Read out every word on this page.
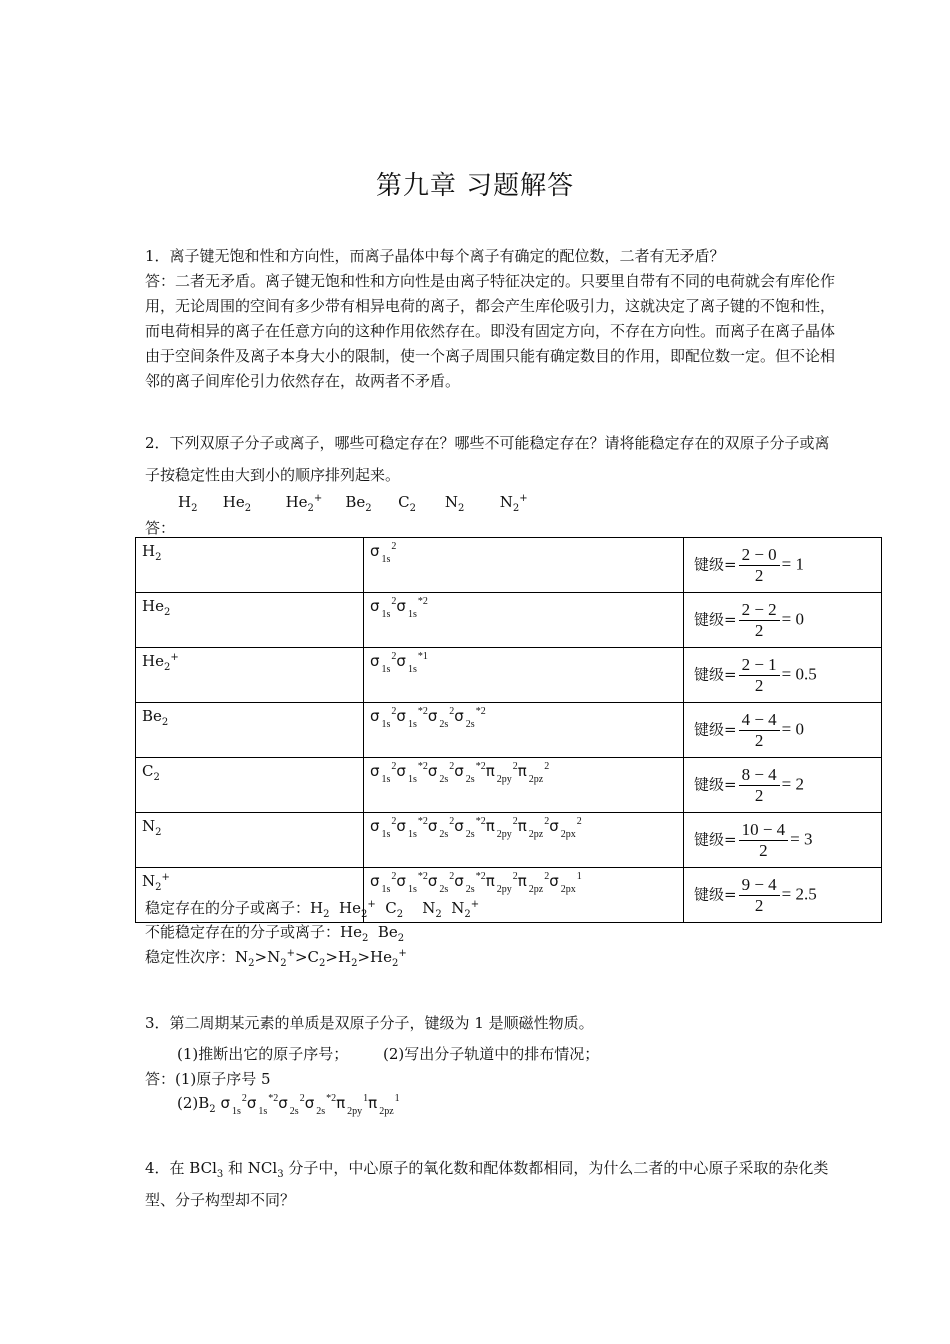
第九章 习题解答
1．离子键无饱和性和方向性，而离子晶体中每个离子有确定的配位数，二者有无矛盾？
答：二者无矛盾。离子键无饱和性和方向性是由离子特征决定的。只要里自带有不同的电荷就会有库伦作用，无论周围的空间有多少带有相异电荷的离子，都会产生库伦吸引力，这就决定了离子键的不饱和性，而电荷相异的离子在任意方向的这种作用依然存在。即没有固定方向，不存在方向性。而离子在离子晶体由于空间条件及离子本身大小的限制，使一个离子周围只能有确定数目的作用，即配位数一定。但不论相邻的离子间库伦引力依然存在，故两者不矛盾。
2．下列双原子分子或离子，哪些可稳定存在？哪些不可能稳定存在？请将能稳定存在的双原子分子或离子按稳定性由大到小的顺序排列起来。
$H_2$ $He_2$ $He_2^+$ $Be_2$ $C_2$ $N_2$ $N_2^+$
答：
$H_2$	σ $_{1s}^2$	键级= $\frac{2 - 0}{2} = 1$
$He_2$	σ $_{1s}^2$σ $_{1s}^{*2}$	键级= $\frac{2 - 2}{2} = 0$
$He_2^+$	σ $_{1s}^2$σ $_{1s}^{*1}$	键级= $\frac{2 - 1}{2} = 0.5$
$Be_2$	σ $_{1s}^2$σ $_{1s}^{*2}$σ $_{2s}^2$σ $_{2s}^{*2}$	键级= $\frac{4 - 4}{2} = 0$
$C_2$	σ $_{1s}^2$σ $_{1s}^{*2}$σ $_{2s}^2$σ $_{2s}^{*2}$π $_{2py}^2$π $_{2pz}^2$	键级= $\frac{8 - 4}{2} = 2$
$N_2$	σ $_{1s}^2$σ $_{1s}^{*2}$σ $_{2s}^2$σ $_{2s}^{*2}$π $_{2py}^2$π $_{2pz}^2$σ $_{2px}^2$	键级= $\frac{10 - 4}{2} = 3$
$N_2^+$	σ $_{1s}^2$σ $_{1s}^{*2}$σ $_{2s}^2$σ $_{2s}^{*2}$π $_{2py}^2$π $_{2pz}^2$σ $_{2px}^1$	键级= $\frac{9 - 4}{2} = 2.5$
稳定存在的分子或离子：$H_2$  $He_2^+$  $C_2$    $N_2$  $N_2^+$
不能稳定存在的分子或离子：$He_2$  $Be_2$
稳定性次序：$N_2>N_2^+>C_2>H_2>He_2^+$
3．第二周期某元素的单质是双原子分子，键级为 1 是顺磁性物质。
(1)推断出它的原子序号； (2)写出分子轨道中的排布情况；
答：(1)原子序号 5
$(2)B_2$ σ $_{1s}^2$σ $_{1s}^{*2}$σ $_{2s}^2$σ $_{2s}^{*2}$π $_{2py}^1$π $_{2pz}^1$
4．在 BCl$_3$ 和 NCl$_3$ 分子中，中心原子的氧化数和配体数都相同，为什么二者的中心原子采取的杂化类型、分子构型却不同？
